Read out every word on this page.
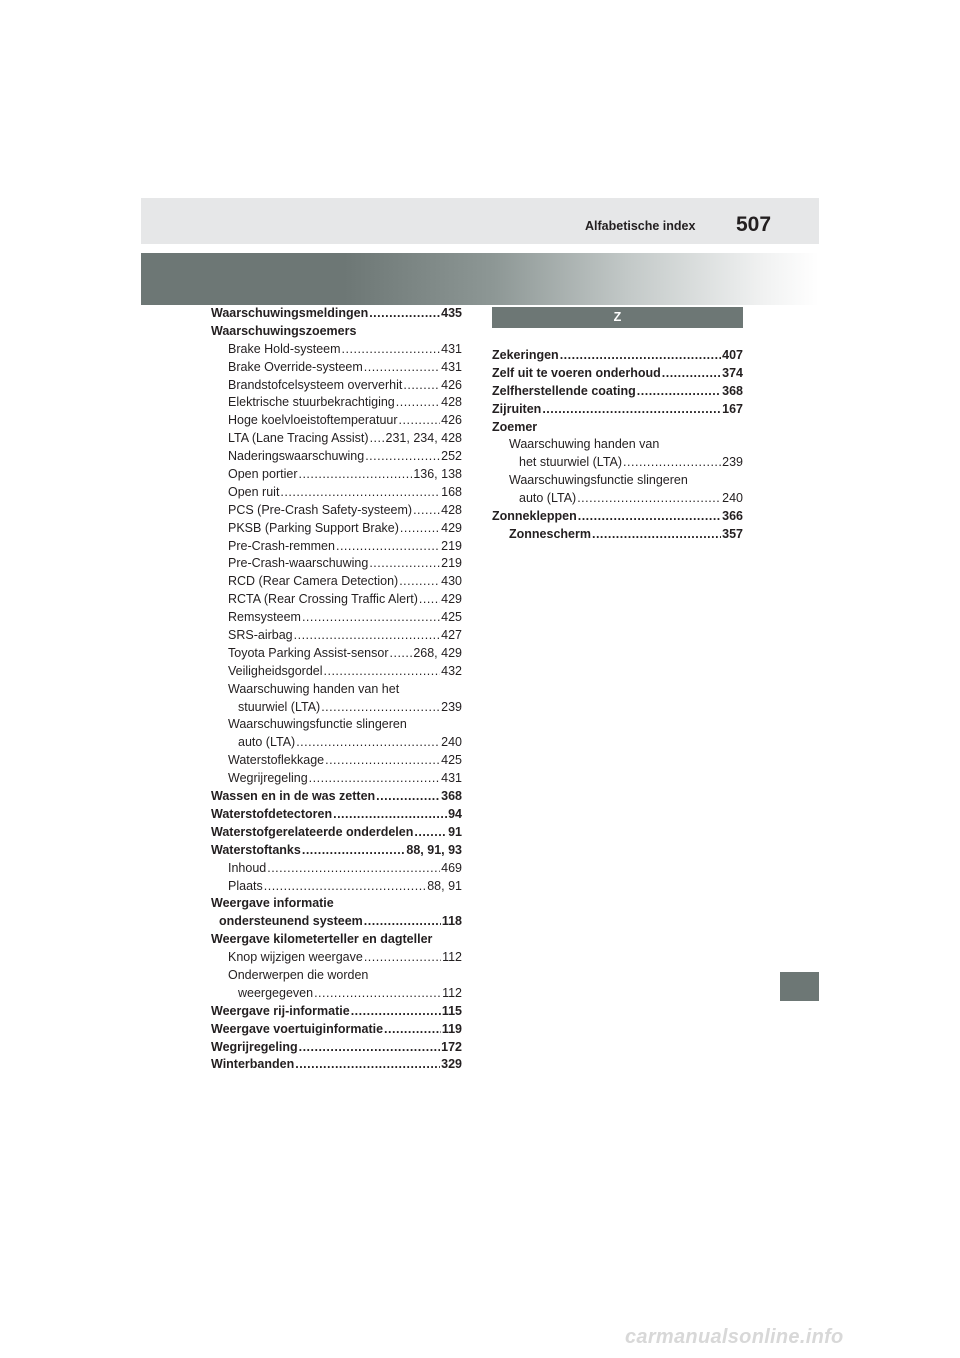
Alfabetische index 507
Waarschuwingsmeldingen .....	435
Waarschuwingszoemers
Brake Hold-systeem .....	431
Brake Override-systeem .....	431
Brandstofcelsysteem oververhit .....	426
Elektrische stuurbekrachtiging .....	428
Hoge koelvloeistoftemperatuur .....	426
LTA (Lane Tracing Assist) ..... 231, 234, 428
Naderingswaarschuwing .....	252
Open portier .....	136, 138
Open ruit .....	168
PCS (Pre-Crash Safety-systeem) ..... 428
PKSB (Parking Support Brake) .....	429
Pre-Crash-remmen .....	219
Pre-Crash-waarschuwing .....	219
RCD (Rear Camera Detection) .....	430
RCTA (Rear Crossing Traffic Alert) ..... 429
Remsysteem .....	425
SRS-airbag .....	427
Toyota Parking Assist-sensor ..... 268, 429
Veiligheidsgordel .....	432
Waarschuwing handen van het
stuurwiel (LTA) .....	239
Waarschuwingsfunctie slingeren
auto (LTA) .....	240
Waterstoflekkage .....	425
Wegrijregeling .....	431
Wassen en in de was zetten .....	368
Waterstofdetectoren .....	94
Waterstofgerelateerde onderdelen .....	91
Waterstoftanks .....	88, 91, 93
Inhoud .....	469
Plaats .....	88, 91
Weergave informatie
ondersteunend systeem .....	118
Weergave kilometerteller en dagteller
Knop wijzigen weergave .....	112
Onderwerpen die worden
weergegeven .....	112
Weergave rij-informatie .....	115
Weergave voertuiginformatie .....	119
Wegrijregeling .....	172
Winterbanden .....	329
Z
Zekeringen .....	407
Zelf uit te voeren onderhoud .....	374
Zelfherstellende coating .....	368
Zijruiten .....	167
Zoemer
Waarschuwing handen van
het stuurwiel (LTA) .....	239
Waarschuwingsfunctie slingeren
auto (LTA) .....	240
Zonnekleppen .....	366
Zonnescherm .....	357
carmanualsonline.info
